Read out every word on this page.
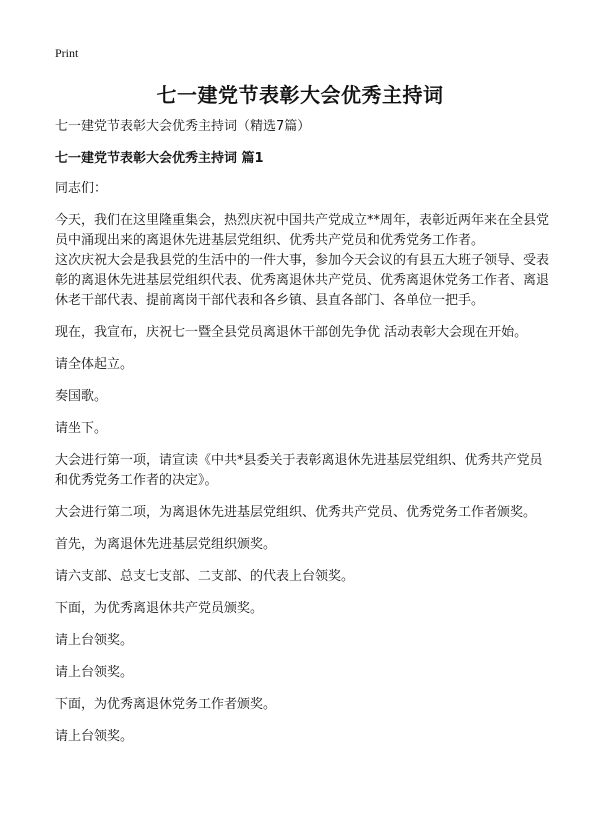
Print
七一建党节表彰大会优秀主持词

七一建党节表彰大会优秀主持词（精选7篇）

七一建党节表彰大会优秀主持词 篇1

同志们：

今天，我们在这里隆重集会，热烈庆祝中国共产党成立**周年，表彰近两年来在全县党员中涌现出来的离退休先进基层党组织、优秀共产党员和优秀党务工作者。

这次庆祝大会是我县党的生活中的一件大事，参加今天会议的有县五大班子领导、受表彰的离退休先进基层党组织代表、优秀离退休共产党员、优秀离退休党务工作者、离退休老干部代表、提前离岗干部代表和各乡镇、县直各部门、各单位一把手。

现在，我宣布，庆祝七一暨全县党员离退休干部创先争优 活动表彰大会现在开始。

请全体起立。

奏国歌。

请坐下。

大会进行第一项，请宣读《中共*县委关于表彰离退休先进基层党组织、优秀共产党员和优秀党务工作者的决定》。

大会进行第二项，为离退休先进基层党组织、优秀共产党员、优秀党务工作者颁奖。

首先，为离退休先进基层党组织颁奖。

请六支部、总支七支部、二支部、的代表上台领奖。

下面，为优秀离退休共产党员颁奖。

请上台领奖。

请上台领奖。

下面，为优秀离退休党务工作者颁奖。

请上台领奖。
